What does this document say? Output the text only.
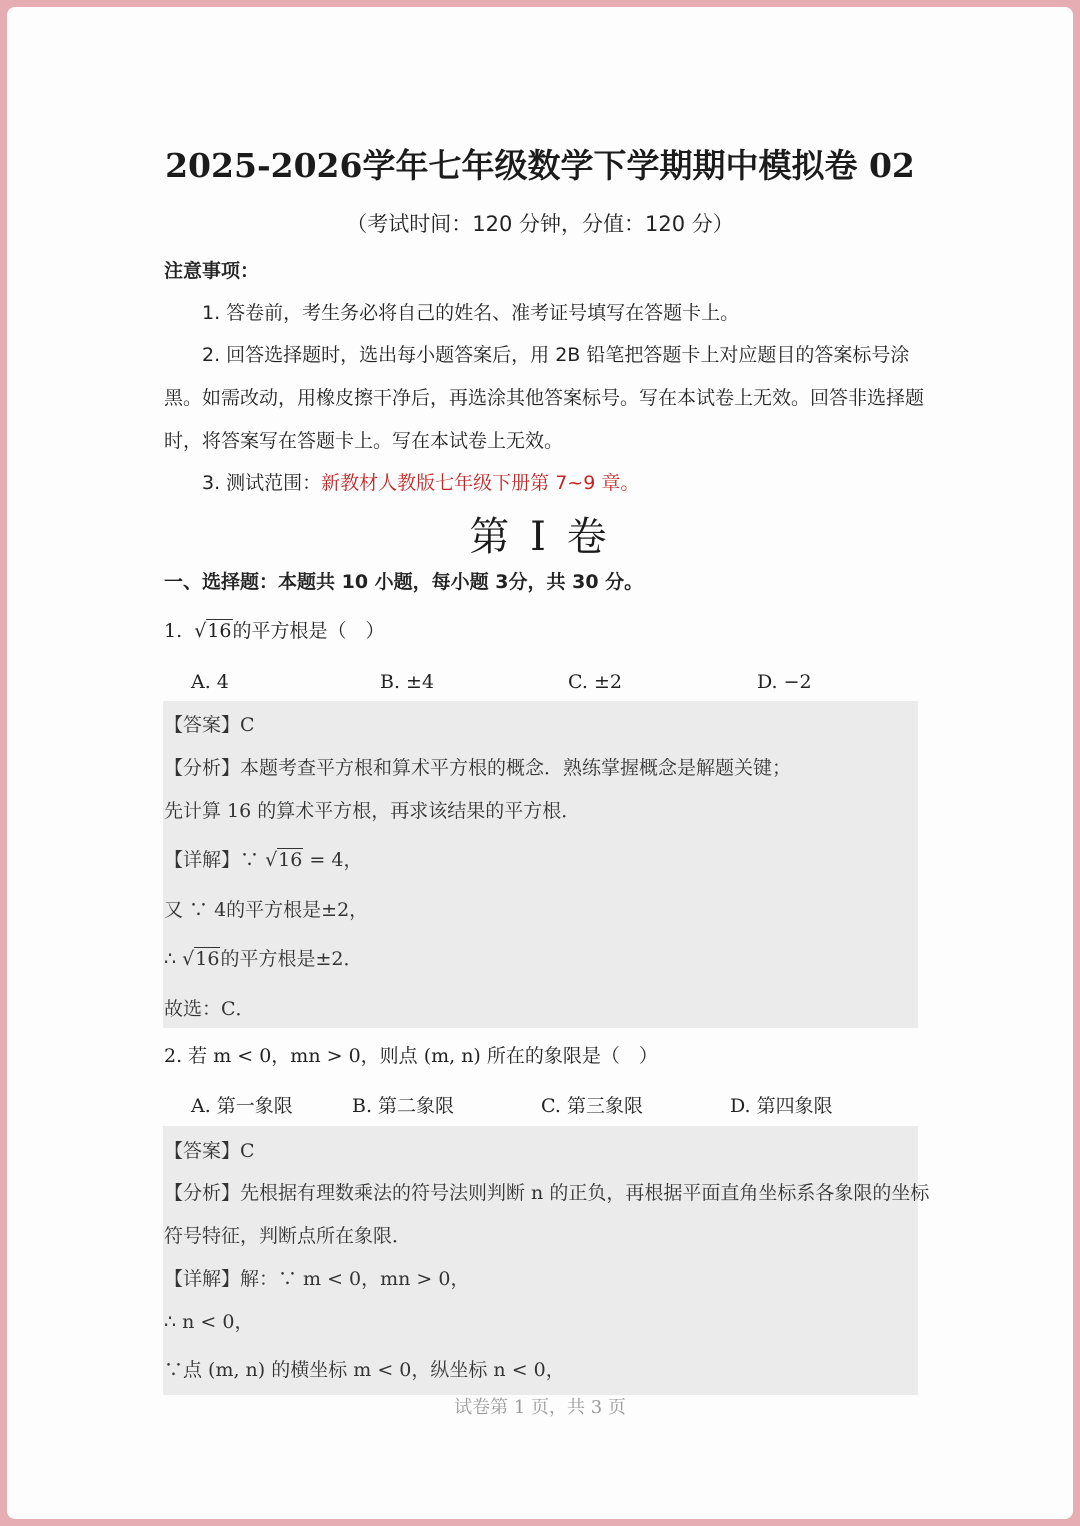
2025-2026学年七年级数学下学期期中模拟卷 02
（考试时间：120 分钟，分值：120 分）
注意事项：
1. 答卷前，考生务必将自己的姓名、准考证号填写在答题卡上。
2. 回答选择题时，选出每小题答案后，用 2B 铅笔把答题卡上对应题目的答案标号涂
黑。如需改动，用橡皮擦干净后，再选涂其他答案标号。写在本试卷上无效。回答非选择题
时，将答案写在答题卡上。写在本试卷上无效。
3. 测试范围：新教材人教版七年级下册第 7~9 章。
第 I 卷
一、选择题：本题共 10 小题，每小题 3分，共 30 分。
1. √16的平方根是（　）
A. 4	B. ±4	C. ±2	D. −2
【答案】C
【分析】本题考查平方根和算术平方根的概念．熟练掌握概念是解题关键；
先计算 16 的算术平方根，再求该结果的平方根．
【详解】∵ √16 = 4，
又 ∵ 4的平方根是±2，
∴ √16的平方根是±2．
故选：C．
2. 若 m < 0，mn > 0，则点 (m, n) 所在的象限是（　）
A. 第一象限	B. 第二象限	C. 第三象限	D. 第四象限
【答案】C
【分析】先根据有理数乘法的符号法则判断 n 的正负，再根据平面直角坐标系各象限的坐标
符号特征，判断点所在象限．
【详解】解：∵ m < 0，mn > 0，
∴ n < 0，
∵点 (m, n) 的横坐标 m < 0，纵坐标 n < 0，
试卷第 1 页，共 3 页
